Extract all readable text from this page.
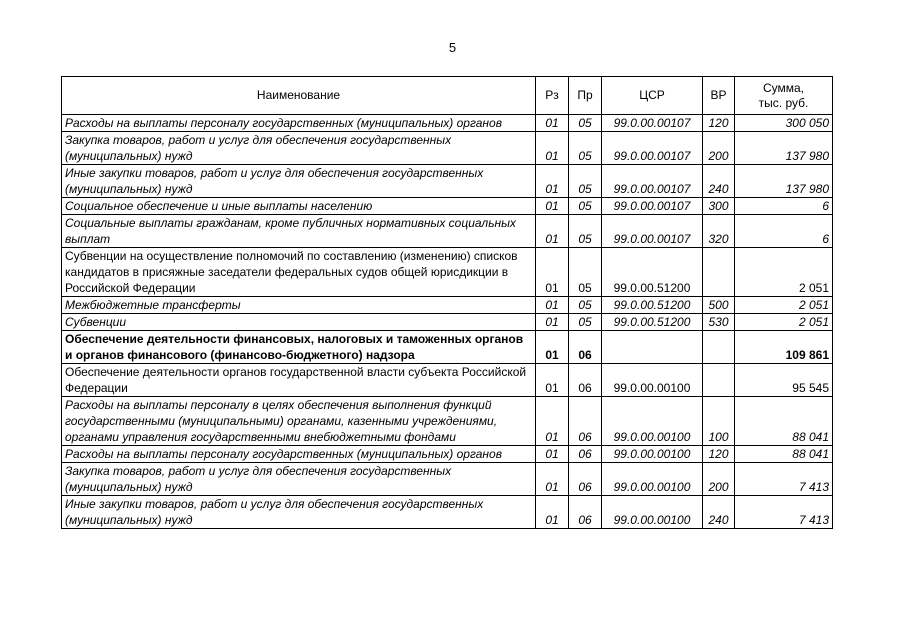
5
Наименование	Рз	Пр	ЦСР	ВР	Сумма,
тыс. руб.
Расходы на выплаты персоналу государственных (муниципальных) органов	01	05	99.0.00.00107	120	300 050
Закупка товаров, работ и услуг для обеспечения государственных (муниципальных) нужд	01	05	99.0.00.00107	200	137 980
Иные закупки товаров, работ и услуг для обеспечения государственных (муниципальных) нужд	01	05	99.0.00.00107	240	137 980
Социальное обеспечение и иные выплаты населению	01	05	99.0.00.00107	300	6
Социальные выплаты гражданам, кроме публичных нормативных социальных выплат	01	05	99.0.00.00107	320	6
Субвенции на осуществление полномочий по составлению (изменению) списков кандидатов в присяжные заседатели федеральных судов общей юрисдикции в Российской Федерации	01	05	99.0.00.51200		2 051
Межбюджетные трансферты	01	05	99.0.00.51200	500	2 051
Субвенции	01	05	99.0.00.51200	530	2 051
Обеспечение деятельности финансовых, налоговых и таможенных органов и органов финансового (финансово-бюджетного) надзора	01	06			109 861
Обеспечение деятельности органов государственной власти субъекта Российской Федерации	01	06	99.0.00.00100		95 545
Расходы на выплаты персоналу в целях обеспечения выполнения функций государственными (муниципальными) органами, казенными учреждениями, органами управления государственными внебюджетными фондами	01	06	99.0.00.00100	100	88 041
Расходы на выплаты персоналу государственных (муниципальных) органов	01	06	99.0.00.00100	120	88 041
Закупка товаров, работ и услуг для обеспечения государственных (муниципальных) нужд	01	06	99.0.00.00100	200	7 413
Иные закупки товаров, работ и услуг для обеспечения государственных (муниципальных) нужд	01	06	99.0.00.00100	240	7 413
